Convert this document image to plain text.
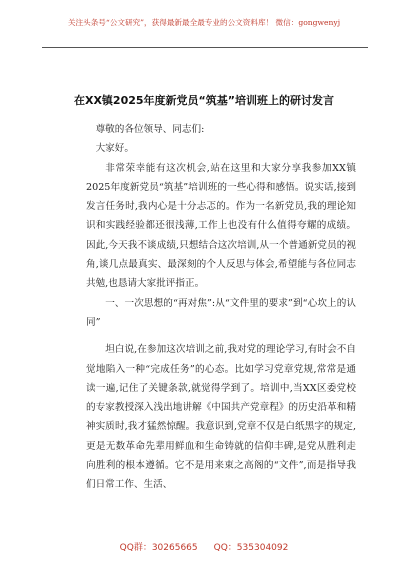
关注头条号“公文研究”，获得最新最全最专业的公文资料库！ 微信：gongwenyj
在XX镇2025年度新党员“筑基”培训班上的研讨发言

尊敬的各位领导、同志们:

大家好。

非常荣幸能有这次机会,站在这里和大家分享我参加XX镇2025年度新党员“筑基”培训班的一些心得和感悟。说实话,接到发言任务时,我内心是十分忐忑的。作为一名新党员,我的理论知识和实践经验都还很浅薄,工作上也没有什么值得夸耀的成绩。因此,今天我不谈成绩,只想结合这次培训,从一个普通新党员的视角,谈几点最真实、最深刻的个人反思与体会,希望能与各位同志共勉,也恳请大家批评指正。

一、一次思想的“再对焦”:从“文件里的要求”到“心坎上的认同”

坦白说,在参加这次培训之前,我对党的理论学习,有时会不自觉地陷入一种“完成任务”的心态。比如学习党章党规,常常是通读一遍,记住了关键条款,就觉得学到了。培训中,当XX区委党校的专家教授深入浅出地讲解《中国共产党章程》的历史沿革和精神实质时,我才猛然惊醒。我意识到,党章不仅是白纸黑字的规定,更是无数革命先辈用鲜血和生命铸就的信仰丰碑,是党从胜利走向胜利的根本遵循。它不是用来束之高阁的“文件”,而是指导我们日常工作、生活、

QQ群：30265665 QQ：535304092
